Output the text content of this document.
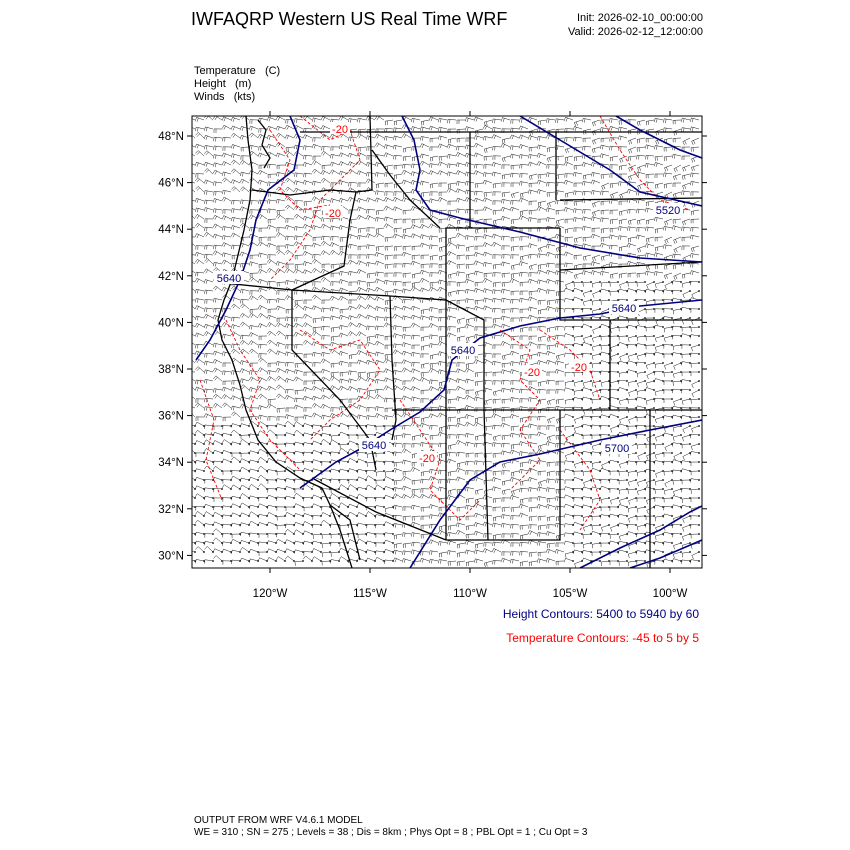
IWFAQRP Western US Real Time WRF	Init: 2026-02-10_00:00:00
Valid: 2026-02-12_12:00:00
Temperature (C)
Height (m)
Winds (kts)
5520
5640
5640
5640
5640	5700
-20
-20
-20	-20
-20
48°N
46°N
44°N
42°N
40°N
38°N
36°N
34°N
32°N
30°N
120°W	115°W	110°W	105°W	100°W
Height Contours: 5400 to 5940 by 60
Temperature Contours: -45 to 5 by 5
OUTPUT FROM WRF V4.6.1 MODEL
WE = 310 ; SN = 275 ; Levels = 38 ; Dis = 8km ; Phys Opt = 8 ; PBL Opt = 1 ; Cu Opt = 3
